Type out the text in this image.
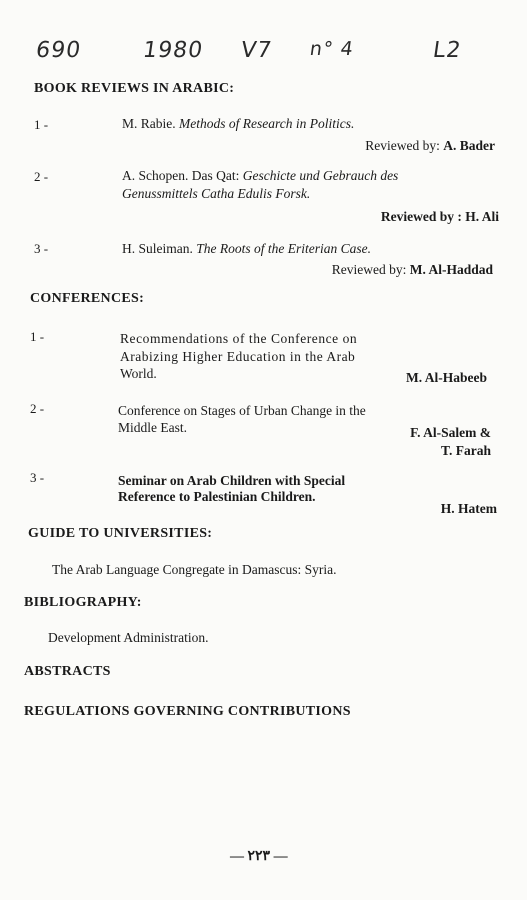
690	1980 V7 n° 4	L2
BOOK REVIEWS IN ARABIC:
1 -	M. Rabie. Methods of Research in Politics.
Reviewed by: A. Bader
2 -	A. Schopen. Das Qat: Geschicte und Gebrauch des
Genussmittels Catha Edulis Forsk.
Reviewed by : H. Ali
3 -	H. Suleiman. The Roots of the Eriterian Case.
Reviewed by: M. Al-Haddad
CONFERENCES:
1 -	Recommendations of the Conference on
Arabizing Higher Education in the Arab
World.	M. Al-Habeeb
2 -	Conference on Stages of Urban Change in the
Middle East.	F. Al-Salem &
T. Farah
3 -	Seminar on Arab Children with Special
Reference to Palestinian Children.
H. Hatem
GUIDE TO UNIVERSITIES:
The Arab Language Congregate in Damascus: Syria.
BIBLIOGRAPHY:
Development Administration.
ABSTRACTS
REGULATIONS GOVERNING CONTRIBUTIONS
— ٢٢٣ —
